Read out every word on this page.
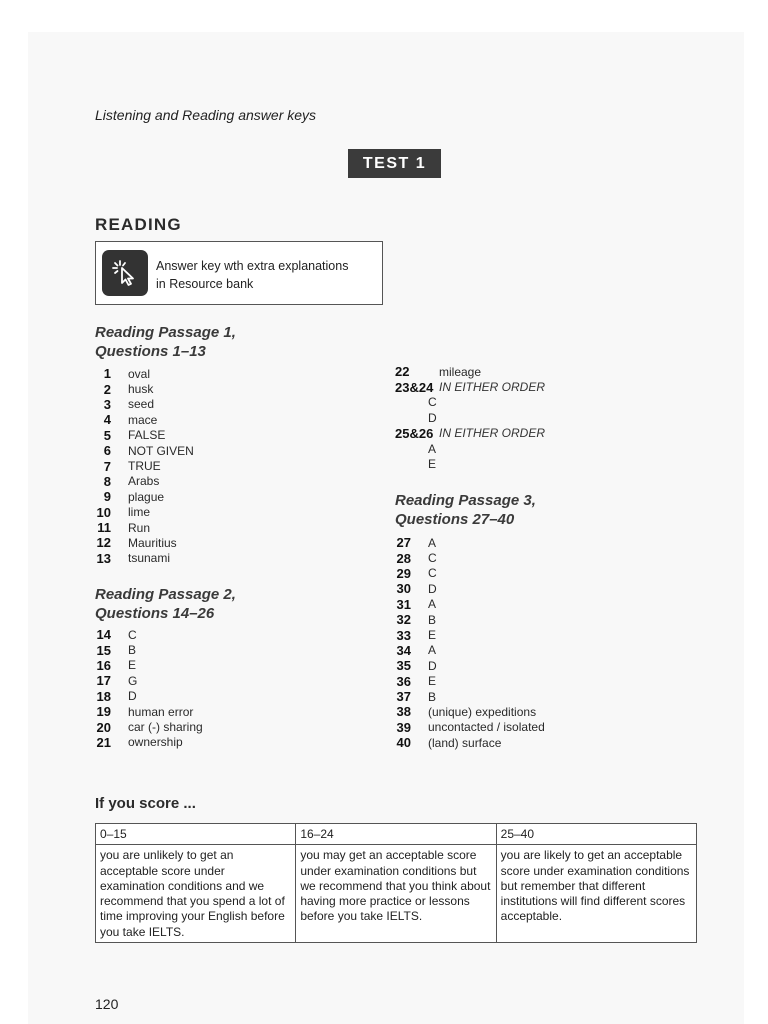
Listening and Reading answer keys
TEST 1
READING
Answer key wth extra explanations
in Resource bank
Reading Passage 1,
Questions 1–13
1 oval
2 husk
3 seed
4 mace
5 FALSE
6 NOT GIVEN
7 TRUE
8 Arabs
9 plague
10 lime
11 Run
12 Mauritius
13 tsunami
Reading Passage 2,
Questions 14–26
14 C
15 B
16 E
17 G
18 D
19 human error
20 car (-) sharing
21 ownership
22	mileage
23&24 IN EITHER ORDER
C
D
25&26 IN EITHER ORDER
A
E
Reading Passage 3,
Questions 27–40
27 A
28 C
29 C
30 D
31 A
32 B
33 E
34 A
35 D
36 E
37 B
38 (unique) expeditions
39 uncontacted / isolated
40 (land) surface
If you score ...
0–15	16–24	25–40
you are unlikely to get an acceptable score under examination conditions and we recommend that you spend a lot of time improving your English before you take IELTS.	you may get an acceptable score under examination conditions but we recommend that you think about having more practice or lessons before you take IELTS.	you are likely to get an acceptable score under examination conditions but remember that different institutions will find different scores acceptable.
120
